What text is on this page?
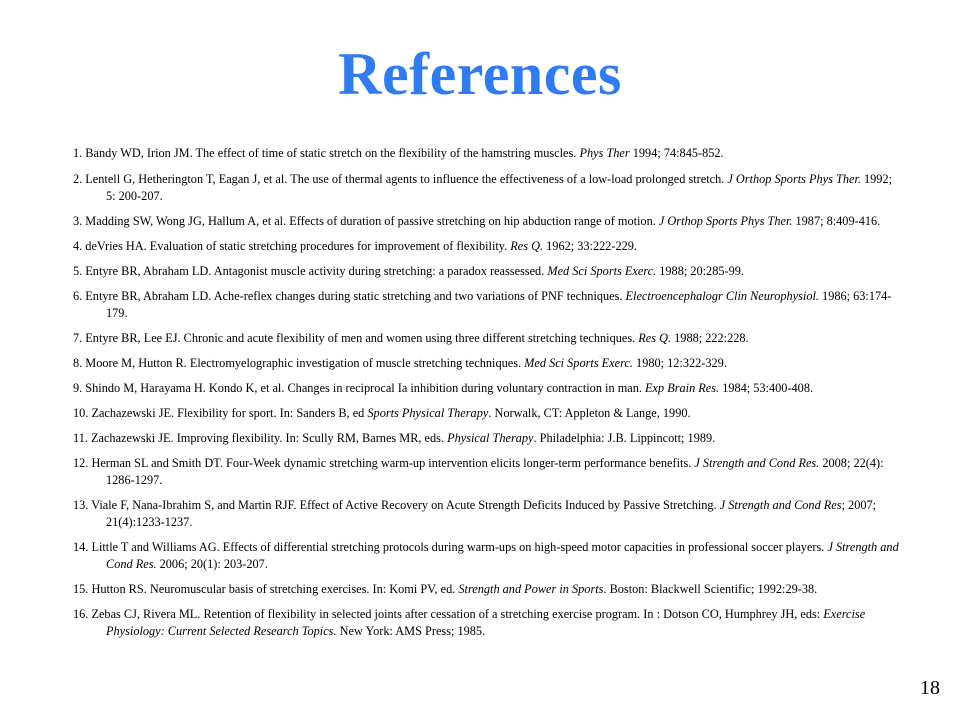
References
1. Bandy WD, Irion JM. The effect of time of static stretch on the flexibility of the hamstring muscles. Phys Ther 1994; 74:845-852.
2. Lentell G, Hetherington T, Eagan J, et al. The use of thermal agents to influence the effectiveness of a low-load prolonged stretch. J Orthop Sports Phys Ther. 1992; 5: 200-207.
3. Madding SW, Wong JG, Hallum A, et al. Effects of duration of passive stretching on hip abduction range of motion. J Orthop Sports Phys Ther. 1987; 8:409-416.
4. deVries HA. Evaluation of static stretching procedures for improvement of flexibility. Res Q. 1962; 33:222-229.
5. Entyre BR, Abraham LD. Antagonist muscle activity during stretching: a paradox reassessed. Med Sci Sports Exerc. 1988; 20:285-99.
6. Entyre BR, Abraham LD. Ache-reflex changes during static stretching and two variations of PNF techniques. Electroencephalogr Clin Neurophysiol. 1986; 63:174-179.
7. Entyre BR, Lee EJ. Chronic and acute flexibility of men and women using three different stretching techniques. Res Q. 1988; 222:228.
8. Moore M, Hutton R. Electromyelographic investigation of muscle stretching techniques. Med Sci Sports Exerc. 1980; 12:322-329.
9. Shindo M, Harayama H. Kondo K, et al. Changes in reciprocal Ia inhibition during voluntary contraction in man. Exp Brain Res. 1984; 53:400-408.
10. Zachazewski JE. Flexibility for sport. In: Sanders B, ed Sports Physical Therapy. Norwalk, CT: Appleton & Lange, 1990.
11. Zachazewski JE. Improving flexibility. In: Scully RM, Barnes MR, eds. Physical Therapy. Philadelphia: J.B. Lippincott; 1989.
12. Herman SL and Smith DT. Four-Week dynamic stretching warm-up intervention elicits longer-term performance benefits. J Strength and Cond Res. 2008; 22(4): 1286-1297.
13. Viale F, Nana-Ibrahim S, and Martin RJF. Effect of Active Recovery on Acute Strength Deficits Induced by Passive Stretching. J Strength and Cond Res; 2007; 21(4):1233-1237.
14. Little T and Williams AG. Effects of differential stretching protocols during warm-ups on high-speed motor capacities in professional soccer players. J Strength and Cond Res. 2006; 20(1): 203-207.
15. Hutton RS. Neuromuscular basis of stretching exercises. In: Komi PV, ed. Strength and Power in Sports. Boston: Blackwell Scientific; 1992:29-38.
16. Zebas CJ, Rivera ML. Retention of flexibility in selected joints after cessation of a stretching exercise program. In : Dotson CO, Humphrey JH, eds: Exercise Physiology: Current Selected Research Topics. New York: AMS Press; 1985.
18
